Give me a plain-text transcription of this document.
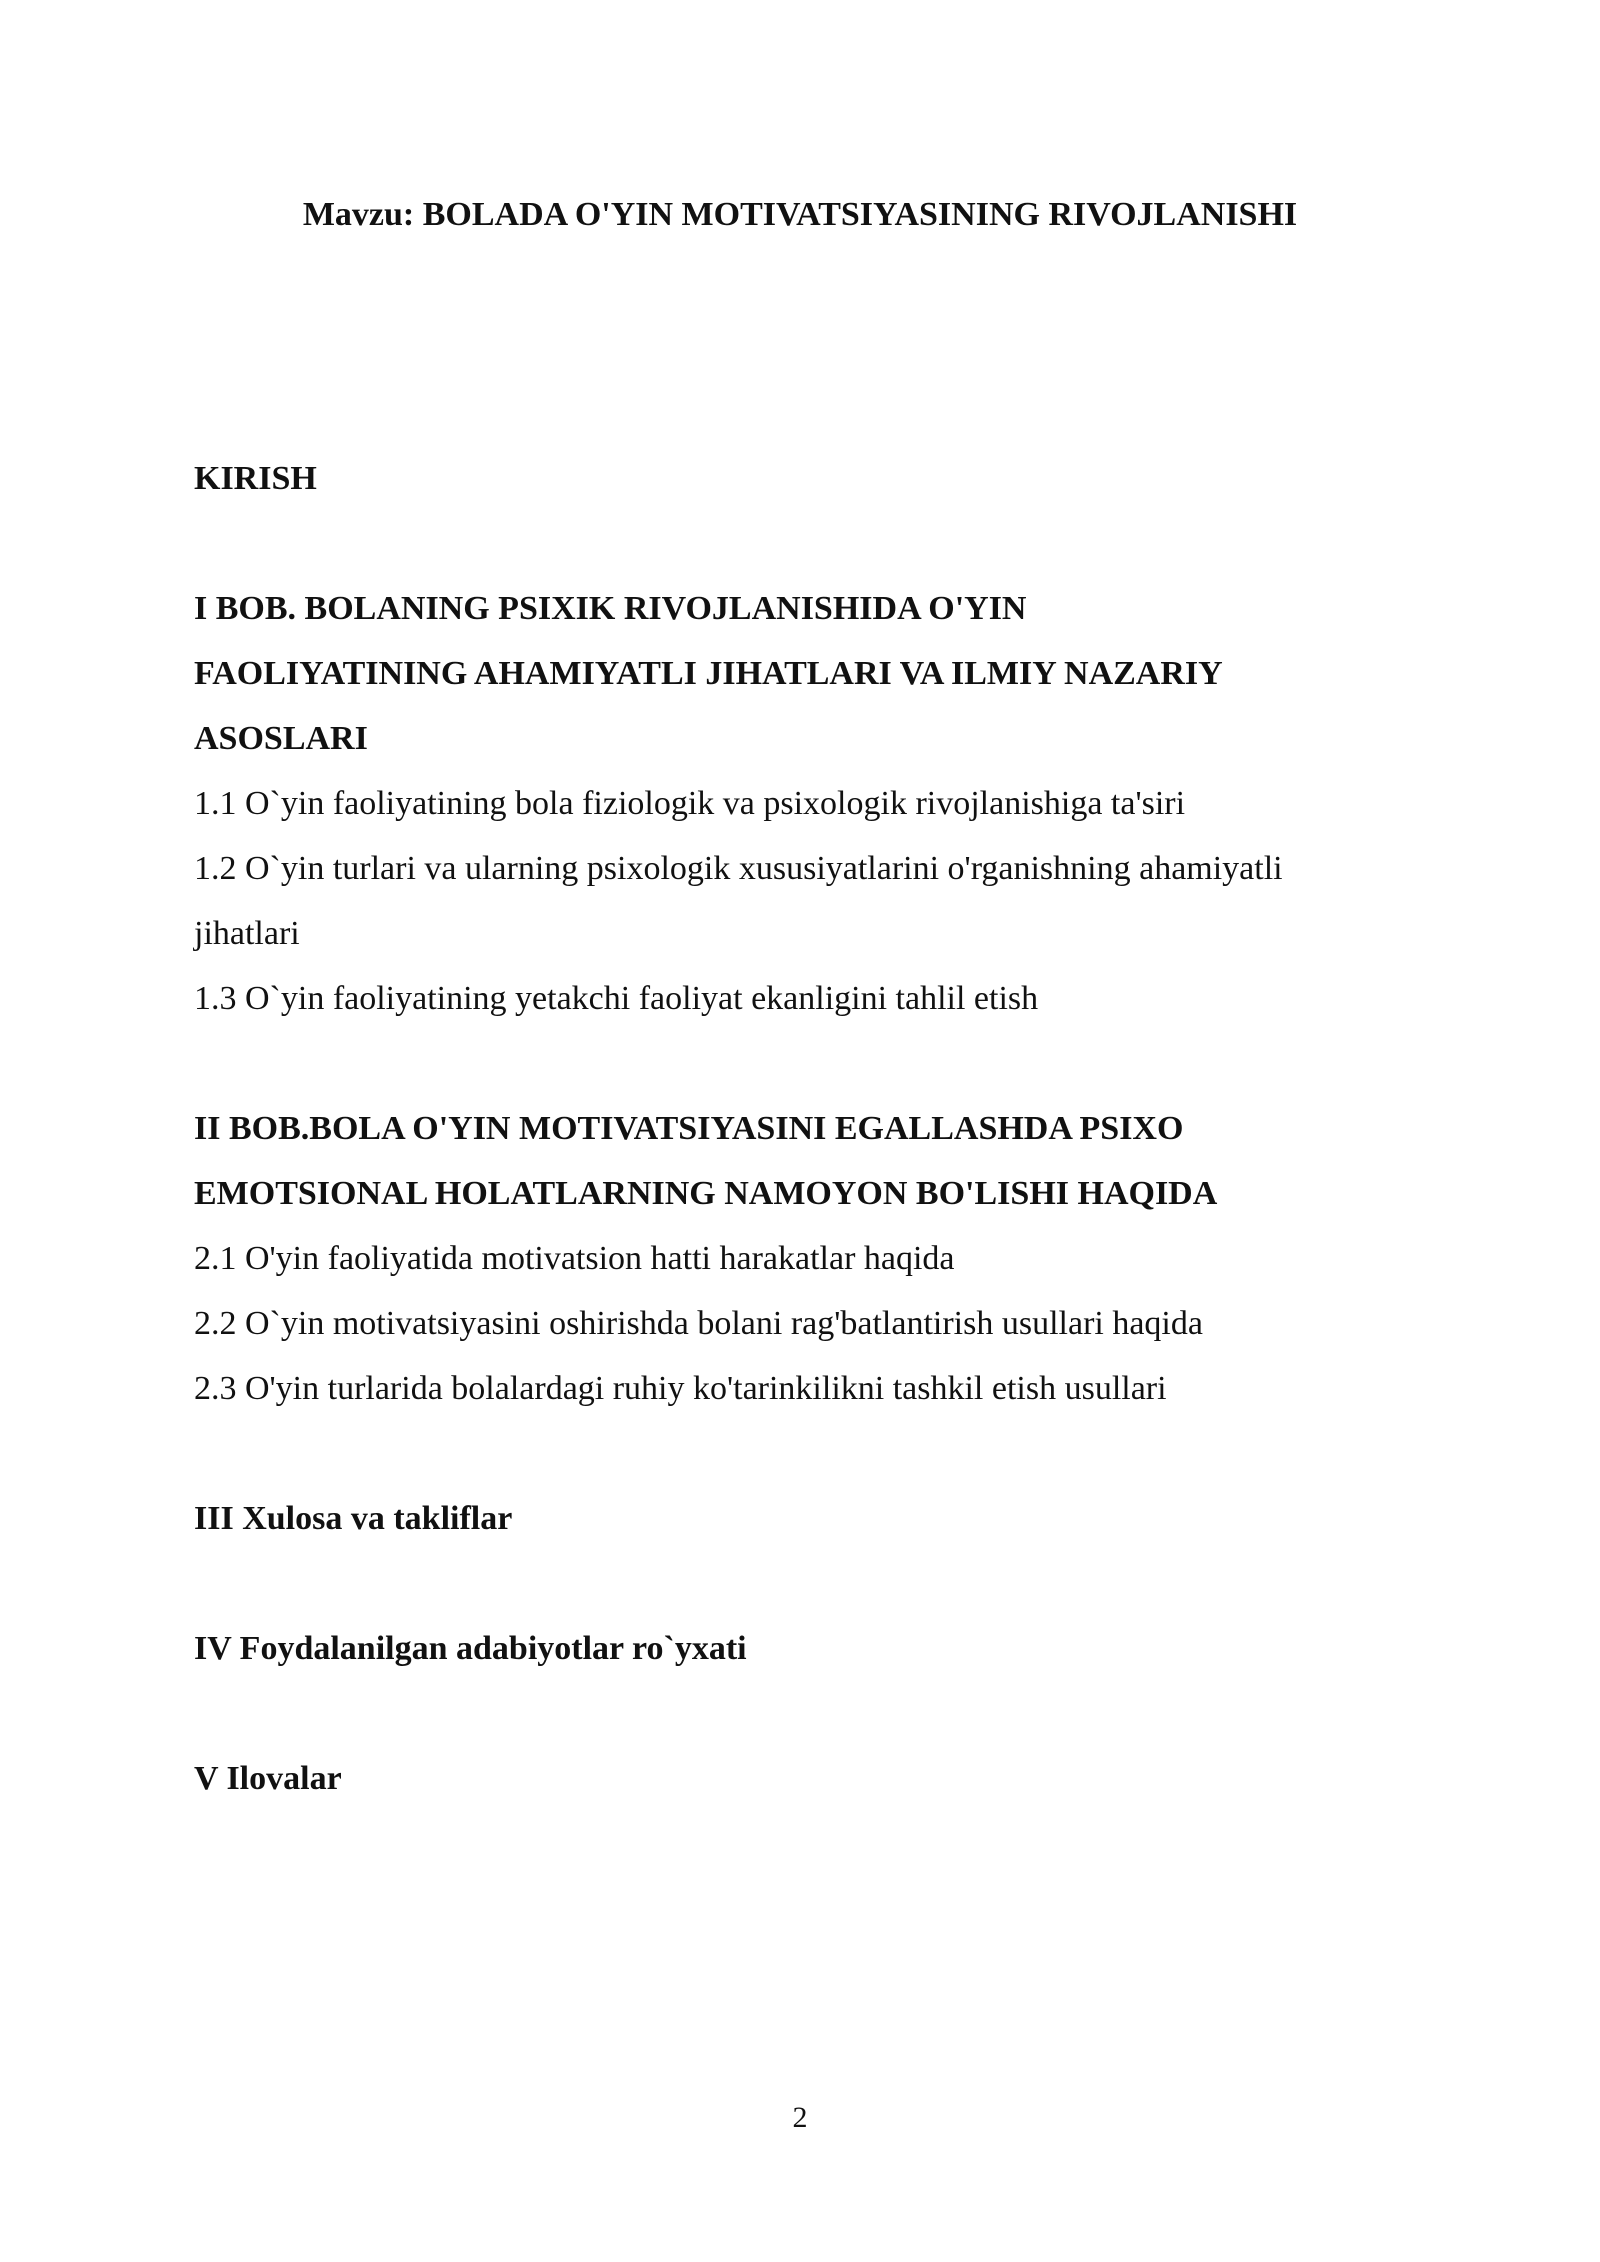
Mavzu: BOLADA O'YIN MOTIVATSIYASINING RIVOJLANISHI
KIRISH
I BOB. BOLANING PSIXIK RIVOJLANISHIDA O'YIN
FAOLIYATINING AHAMIYATLI JIHATLARI VA ILMIY NAZARIY
ASOSLARI
1.1 O`yin faoliyatining bola fiziologik va psixologik rivojlanishiga ta'siri
1.2 O`yin turlari va ularning psixologik xususiyatlarini o'rganishning ahamiyatli
jihatlari
1.3 O`yin faoliyatining yetakchi faoliyat ekanligini tahlil etish
II BOB.BOLA O'YIN MOTIVATSIYASINI EGALLASHDA PSIXO
EMOTSIONAL HOLATLARNING NAMOYON BO'LISHI HAQIDA
2.1 O'yin faoliyatida motivatsion hatti harakatlar haqida
2.2 O`yin motivatsiyasini oshirishda bolani rag'batlantirish usullari haqida
2.3 O'yin turlarida bolalardagi ruhiy ko'tarinkilikni tashkil etish usullari
III Xulosa va takliflar
IV Foydalanilgan adabiyotlar ro`yxati
V Ilovalar
2
